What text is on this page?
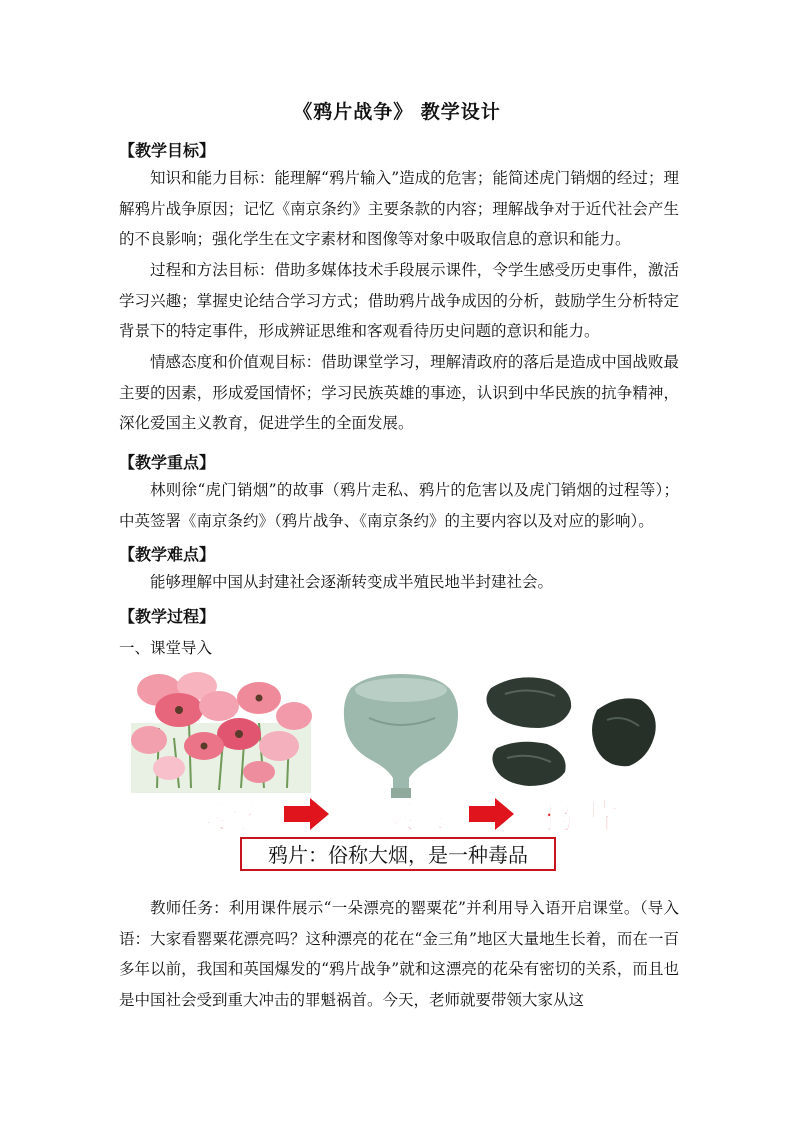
《鸦片战争》 教学设计
【教学目标】
知识和能力目标：能理解“鸦片输入”造成的危害；能简述虎门销烟的经过；理解鸦片战争原因；记忆《南京条约》主要条款的内容；理解战争对于近代社会产生的不良影响；强化学生在文字素材和图像等对象中吸取信息的意识和能力。
过程和方法目标：借助多媒体技术手段展示课件，令学生感受历史事件，激活学习兴趣；掌握史论结合学习方式；借助鸦片战争成因的分析，鼓励学生分析特定背景下的特定事件，形成辨证思维和客观看待历史问题的意识和能力。
情感态度和价值观目标：借助课堂学习，理解清政府的落后是造成中国战败最主要的因素，形成爱国情怀；学习民族英雄的事迹，认识到中华民族的抗争精神，深化爱国主义教育，促进学生的全面发展。
【教学重点】
林则徐“虎门销烟”的故事（鸦片走私、鸦片的危害以及虎门销烟的过程等）；中英签署《南京条约》（鸦片战争、《南京条约》的主要内容以及对应的影响）。
【教学难点】
能够理解中国从封建社会逐渐转变成半殖民地半封建社会。
【教学过程】
一、课堂导入
罂粟花	罂粟果	鸦 片
鸦片：俗称大烟，是一种毒品
教师任务：利用课件展示“一朵漂亮的罂粟花”并利用导入语开启课堂。（导入语：大家看罂粟花漂亮吗？这种漂亮的花在“金三角”地区大量地生长着，而在一百多年以前，我国和英国爆发的“鸦片战争”就和这漂亮的花朵有密切的关系，而且也是中国社会受到重大冲击的罪魁祸首。今天，老师就要带领大家从这
